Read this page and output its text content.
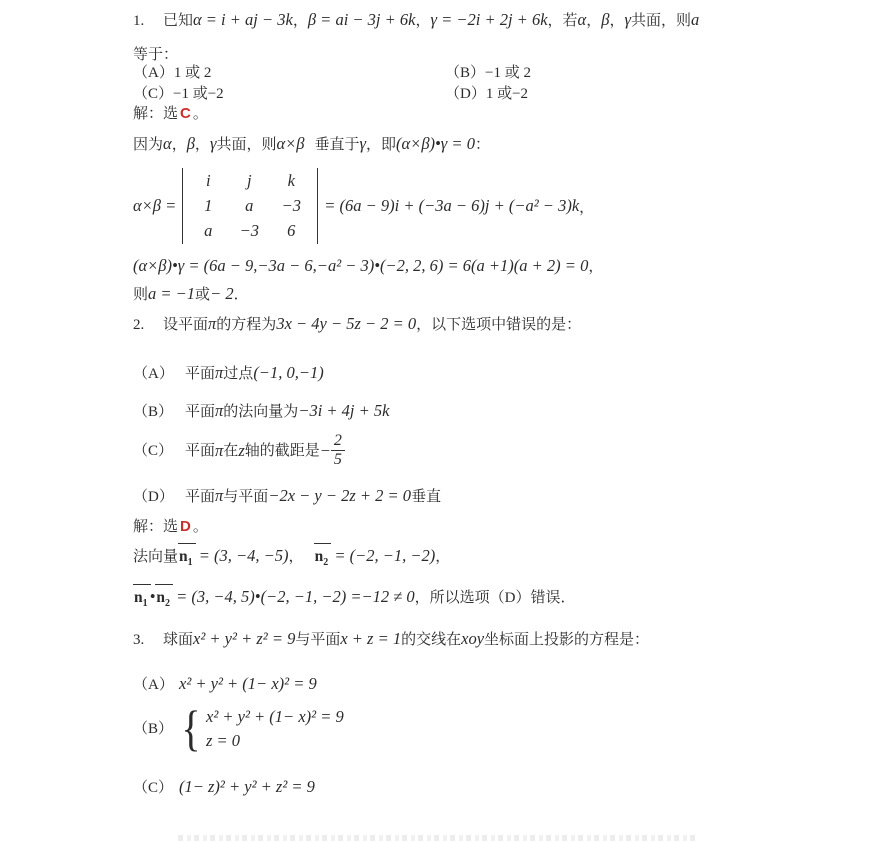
1. 已知α = i + aj − 3k，β = ai − 3j + 6k，γ = −2i + 2j + 6k，若α，β，γ共面，则a
等于：
（A）1 或 2	（B）−1 或 2
（C）−1 或−2	（D）1 或−2
解：选 C 。
因为α，β，γ共面，则α×β 垂直于γ，即(α×β)•γ = 0：
α×β =
i	j	k
1	a	−3
a	−3	6
= (6a − 9)i + (−3a − 6)j + (−a² − 3)k ，
(α×β)•γ = (6a − 9,−3a − 6,−a² − 3)•(−2, 2, 6) = 6(a +1)(a + 2) = 0，
则a = −1或− 2．
2. 设平面π的方程为3x − 4y − 5z − 2 = 0，以下选项中错误的是：
（A） 平面π过点(−1, 0,−1)
（B） 平面π的法向量为−3i + 4j + 5k
（C） 平面 π 在 z 轴的截距是 − $\frac{2}{5}$
（D） 平面π与平面−2x − y − 2z + 2 = 0垂直
解：选 D 。
法向量$n_1 = (3$, −4, −5)， $n_2 = (-2$, −1, −2)，
$n_1$ $•n_2 = (3$, −4, 5)•(−2, −1, −2) =−12 ≠ 0，所以选项（D）错误．
3. 球面x² + y² + z² = 9与平面x + z = 1的交线在xoy坐标面上投影的方程是：
（A） x² + y² + (1− x)² = 9
（B） { x² + y² + (1− x)² = 9
z = 0
（C） (1− z)² + y² + z² = 9
